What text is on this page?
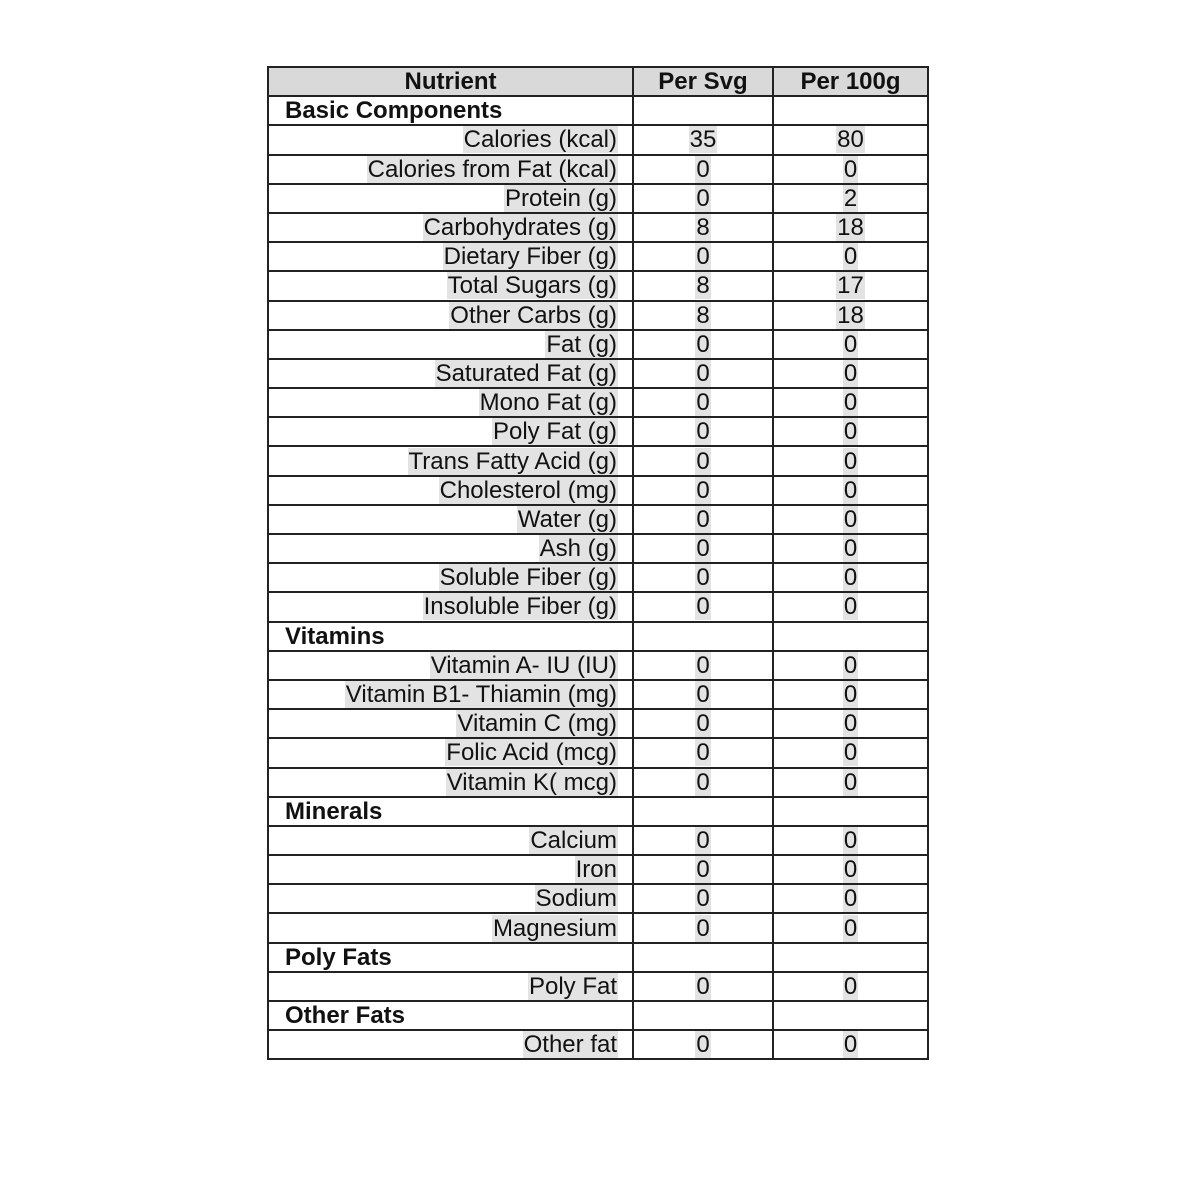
Nutrient	Per Svg	Per 100g
Basic Components		
Calories (kcal)	35	80
Calories from Fat (kcal)	0	0
Protein (g)	0	2
Carbohydrates (g)	8	18
Dietary Fiber (g)	0	0
Total Sugars (g)	8	17
Other Carbs (g)	8	18
Fat (g)	0	0
Saturated Fat (g)	0	0
Mono Fat (g)	0	0
Poly Fat (g)	0	0
Trans Fatty Acid (g)	0	0
Cholesterol (mg)	0	0
Water (g)	0	0
Ash (g)	0	0
Soluble Fiber (g)	0	0
Insoluble Fiber (g)	0	0
Vitamins		
Vitamin A- IU (IU)	0	0
Vitamin B1- Thiamin (mg)	0	0
Vitamin C (mg)	0	0
Folic Acid (mcg)	0	0
Vitamin K( mcg)	0	0
Minerals		
Calcium	0	0
Iron	0	0
Sodium	0	0
Magnesium	0	0
Poly Fats		
Poly Fat	0	0
Other Fats		
Other fat	0	0
